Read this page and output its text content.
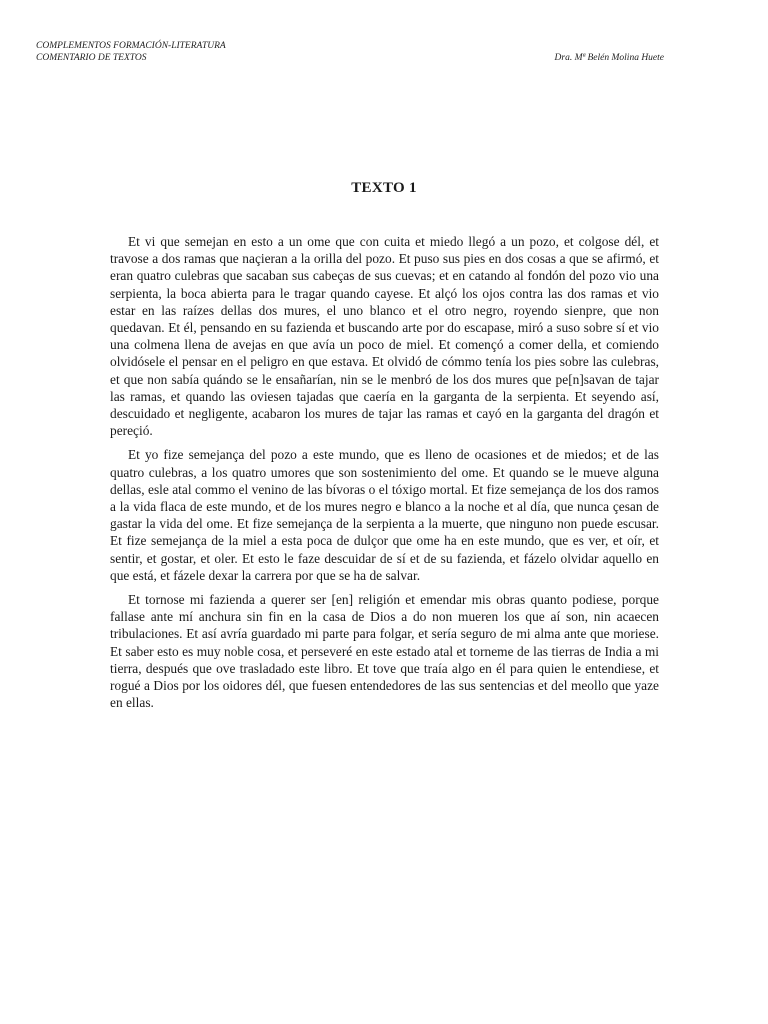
COMPLEMENTOS FORMACIÓN-LITERATURA
COMENTARIO DE TEXTOS	Dra. Mª Belén Molina Huete
TEXTO 1

Et vi que semejan en esto a un ome que con cuita et miedo llegó a un pozo, et colgose dél, et travose a dos ramas que naçieran a la orilla del pozo. Et puso sus pies en dos cosas a que se afirmó, et eran quatro culebras que sacaban sus cabeças de sus cuevas; et en catando al fondón del pozo vio una serpienta, la boca abierta para le tragar quando cayese. Et alçó los ojos contra las dos ramas et vio estar en las raízes dellas dos mures, el uno blanco et el otro negro, royendo sienpre, que non quedavan. Et él, pensando en su fazienda et buscando arte por do escapase, miró a suso sobre sí et vio una colmena llena de avejas en que avía un poco de miel. Et començó a comer della, et comiendo olvidósele el pensar en el peligro en que estava. Et olvidó de cómmo tenía los pies sobre las culebras, et que non sabía quándo se le ensañarían, nin se le menbró de los dos mures que pe[n]savan de tajar las ramas, et quando las oviesen tajadas que caería en la garganta de la serpienta. Et seyendo así, descuidado et negligente, acabaron los mures de tajar las ramas et cayó en la garganta del dragón et pereçió.

Et yo fize semejança del pozo a este mundo, que es lleno de ocasiones et de miedos; et de las quatro culebras, a los quatro umores que son sostenimiento del ome. Et quando se le mueve alguna dellas, esle atal commo el venino de las bívoras o el tóxigo mortal. Et fize semejança de los dos ramos a la vida flaca de este mundo, et de los mures negro e blanco a la noche et al día, que nunca çesan de gastar la vida del ome. Et fize semejança de la serpienta a la muerte, que ninguno non puede escusar. Et fize semejança de la miel a esta poca de dulçor que ome ha en este mundo, que es ver, et oír, et sentir, et gostar, et oler. Et esto le faze descuidar de sí et de su fazienda, et fázelo olvidar aquello en que está, et fázele dexar la carrera por que se ha de salvar.

Et tornose mi fazienda a querer ser [en] religión et emendar mis obras quanto podiese, porque fallase ante mí anchura sin fin en la casa de Dios a do non mueren los que aí son, nin acaecen tribulaciones. Et así avría guardado mi parte para folgar, et sería seguro de mi alma ante que moriese. Et saber esto es muy noble cosa, et perseveré en este estado atal et torneme de las tierras de India a mi tierra, después que ove trasladado este libro. Et tove que traía algo en él para quien le entendiese, et rogué a Dios por los oidores dél, que fuesen entendedores de las sus sentencias et del meollo que yaze en ellas.
